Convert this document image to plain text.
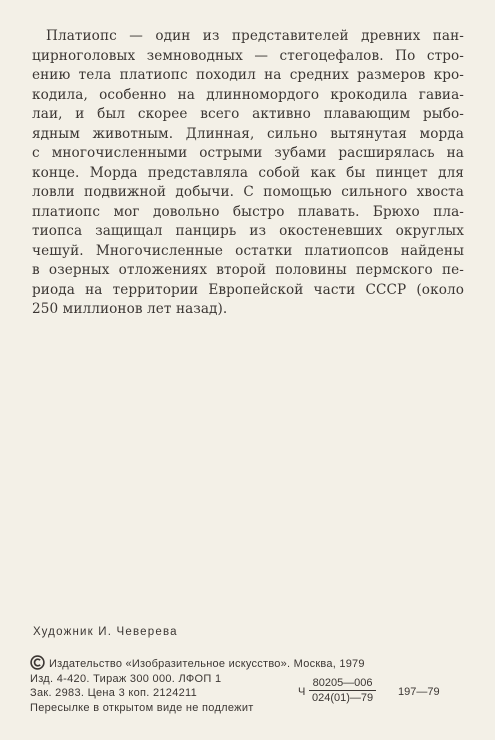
Платиопс — один из представителей древних пан-
цирноголовых земноводных — стегоцефалов. По стро-
ению тела платиопс походил на средних размеров кро-
кодила, особенно на длинномордого крокодила гавиа-
лаи, и был скорее всего активно плавающим рыбо-
ядным животным. Длинная, сильно вытянутая морда
с многочисленными острыми зубами расширялась на
конце. Морда представляла собой как бы пинцет для
ловли подвижной добычи. С помощью сильного хвоста
платиопс мог довольно быстро плавать. Брюхо пла-
тиопса защищал панцирь из окостеневших округлых
чешуй. Многочисленные остатки платиопсов найдены
в озерных отложениях второй половины пермского пе-
риода на территории Европейской части СССР (около
250 миллионов лет назад).
Художник И. Чеверева
Издательство «Изобразительное искусство». Москва, 1979
Изд. 4-420. Тираж 300 000. ЛФОП 1
Зак. 2983. Цена 3 коп. 2124211
Пересылке в открытом виде не подлежит
Ч $\frac{80205—006}{024(01)—79}$ 197—79
